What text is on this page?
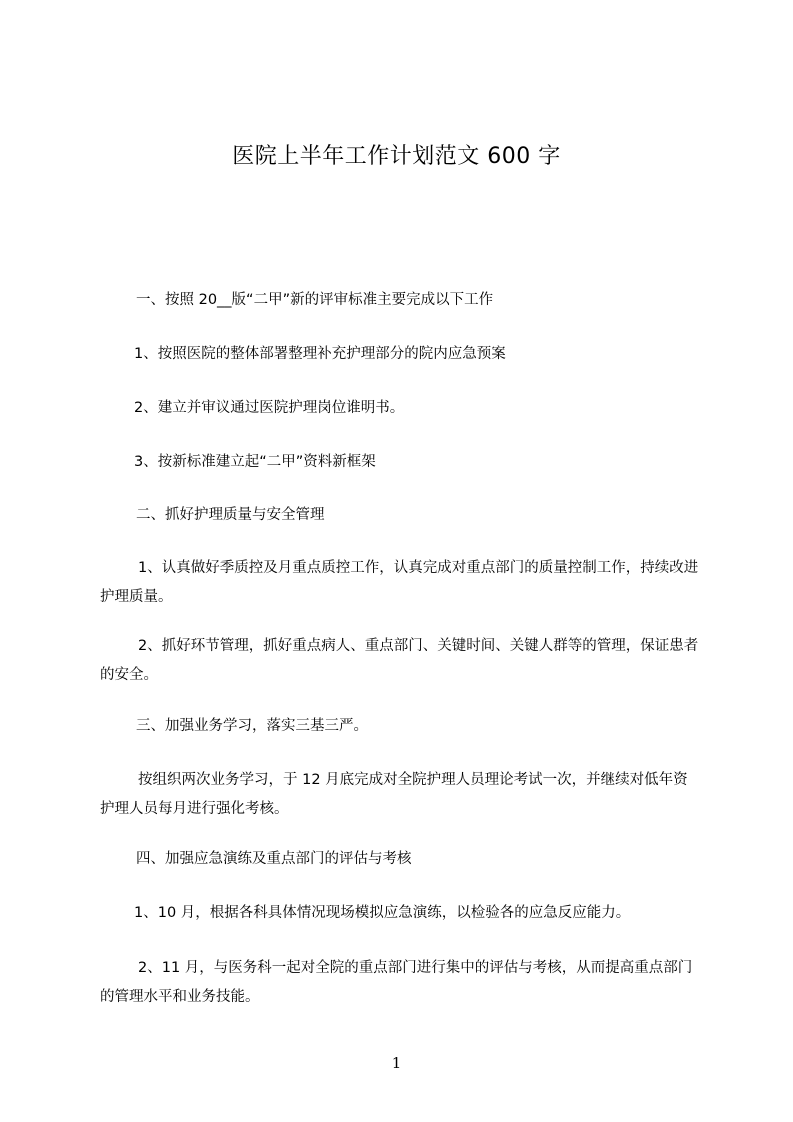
医院上半年工作计划范文 600 字
一、按照 20__版“二甲”新的评审标准主要完成以下工作
1、按照医院的整体部署整理补充护理部分的院内应急预案
2、建立并审议通过医院护理岗位谁明书。
3、按新标准建立起“二甲”资料新框架
二、抓好护理质量与安全管理
1、认真做好季质控及月重点质控工作，认真完成对重点部门的质量控制工作，持续改进护理质量。
2、抓好环节管理，抓好重点病人、重点部门、关键时间、关键人群等的管理，保证患者的安全。
三、加强业务学习，落实三基三严。
按组织两次业务学习，于 12 月底完成对全院护理人员理论考试一次，并继续对低年资护理人员每月进行强化考核。
四、加强应急演练及重点部门的评估与考核
1、10 月，根据各科具体情况现场模拟应急演练，以检验各的应急反应能力。
2、11 月，与医务科一起对全院的重点部门进行集中的评估与考核，从而提高重点部门的管理水平和业务技能。
1
